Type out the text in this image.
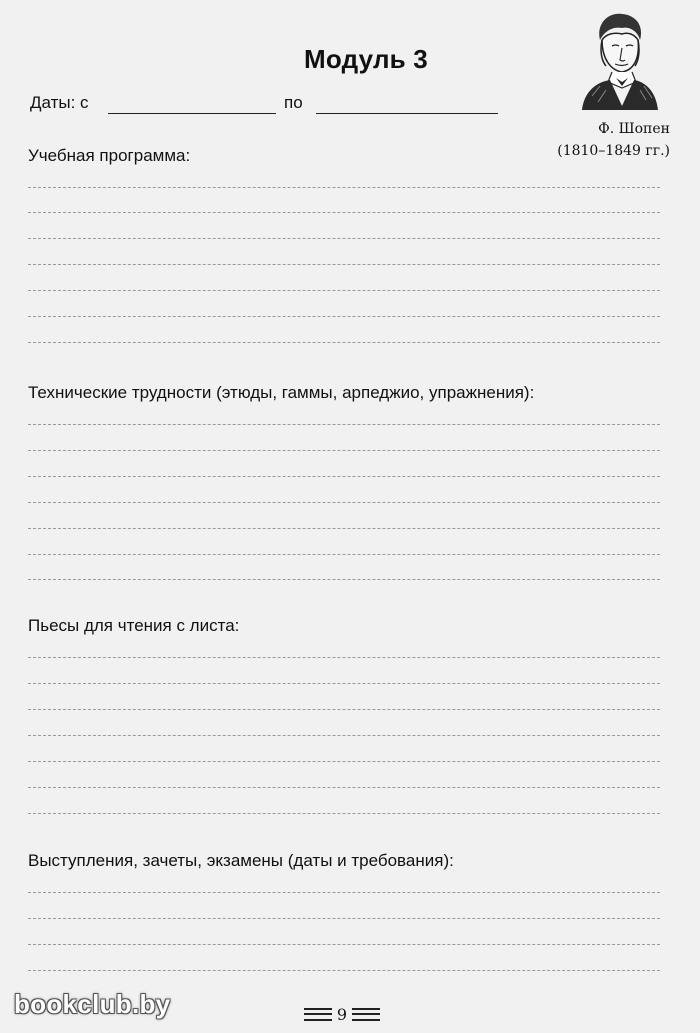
Модуль 3
Ф. Шопен
(1810–1849 гг.)
Даты: с	по
Учебная программа:
Технические трудности (этюды, гаммы, арпеджио, упражнения):
Пьесы для чтения с листа:
Выступления, зачеты, экзамены (даты и требования):
bookclub.by	9
